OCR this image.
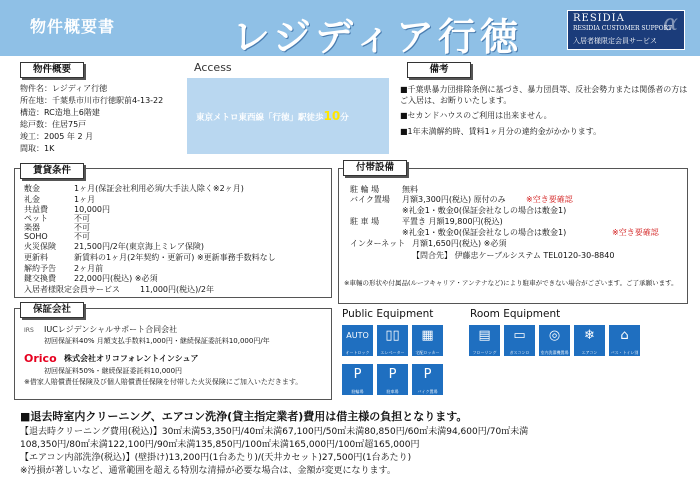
物件概要書	レジディア行徳	RESIDIA
RESIDIA CUSTOMER SUPPORT
入居者様限定会員サービス
α
物件概要
物件名：レジディア行徳
所在地：千葉県市川市行徳駅前4-13-22
構造：RC造地上6階建
総戸数：住居75戸
竣工：2005 年 2 月
間取：1K
Access
東京メトロ東西線「行徳」駅徒歩10分
備考
■千葉県暴力団排除条例に基づき、暴力団員等、反社会勢力または関係者の方はご入居は、お断りいたします。
■セカンドハウスのご利用は出来ません。
■1年未満解約時、賃料1ヶ月分の違約金がかかります。
賃貸条件
敷金	1ヶ月(保証会社利用必須/大手法人除く※2ヶ月)
礼金	1ヶ月
共益費	10,000円
ペット	不可
楽器	不可
SOHO	不可
火災保険 21,500円/2年(東京海上ミレア保険)
更新料	新賃料の1ヶ月(2年契約・更新可) ※更新事務手数料なし
解約予告 2ヶ月前
鍵交換費 22,000円(税込) ※必須
入居者様限定会員サービス	11,000円(税込)/2年
付帯設備
駐 輪 場	無料
バイク置場 月額3,300円(税込) 原付のみ	※空き要確認
※礼金1・敷金0(保証会社なしの場合は敷金1)
駐 車 場	平置き 月額19,800円(税込)
※礼金1・敷金0(保証会社なしの場合は敷金1)	※空き要確認
インターネット 月額1,650円(税込) ※必須
【問合先】 伊藤忠ケーブルシステム TEL0120-30-8840
※車輛の形状や付属品(ルーフキャリア・アンテナなど)により駐車ができない場合がございます。ご了承願います。
保証会社
IRS IUCレジデンシャルサポート合同会社
初回保証料40% 月額支払手数料1,000円・継続保証委託料10,000円/年
Orico 株式会社オリコフォレントインシュア
初回保証料50%・継続保証委託料10,000円
※借家人賠償責任保険及び個人賠償責任保険を付帯した火災保険にご加入いただきます。
Public Equipment
AUTO
オートロック
▯▯
エレベーター
▦
宅配ロッカー
P
駐輪場
P
駐車場
P
バイク置場
Room Equipment
▤
フローリング
▭
ガスコンロ
◎
室内洗濯機置場
❄
エアコン
⌂
バス・トイレ別
■退去時室内クリーニング、エアコン洗浄(貸主指定業者)費用は借主様の負担となります。
【退去時クリーニング費用(税込)】30㎡未満53,350円/40㎡未満67,100円/50㎡未満80,850円/60㎡未満94,600円/70㎡未満
108,350円/80㎡未満122,100円/90㎡未満135,850円/100㎡未満165,000円/100㎡超165,000円
【エアコン内部洗浄(税込)】(壁掛け)13,200円(1台あたり)/(天井カセット)27,500円(1台あたり)
※汚損が著しいなど、通常範囲を超える特別な清掃が必要な場合は、金額が変更になります。
